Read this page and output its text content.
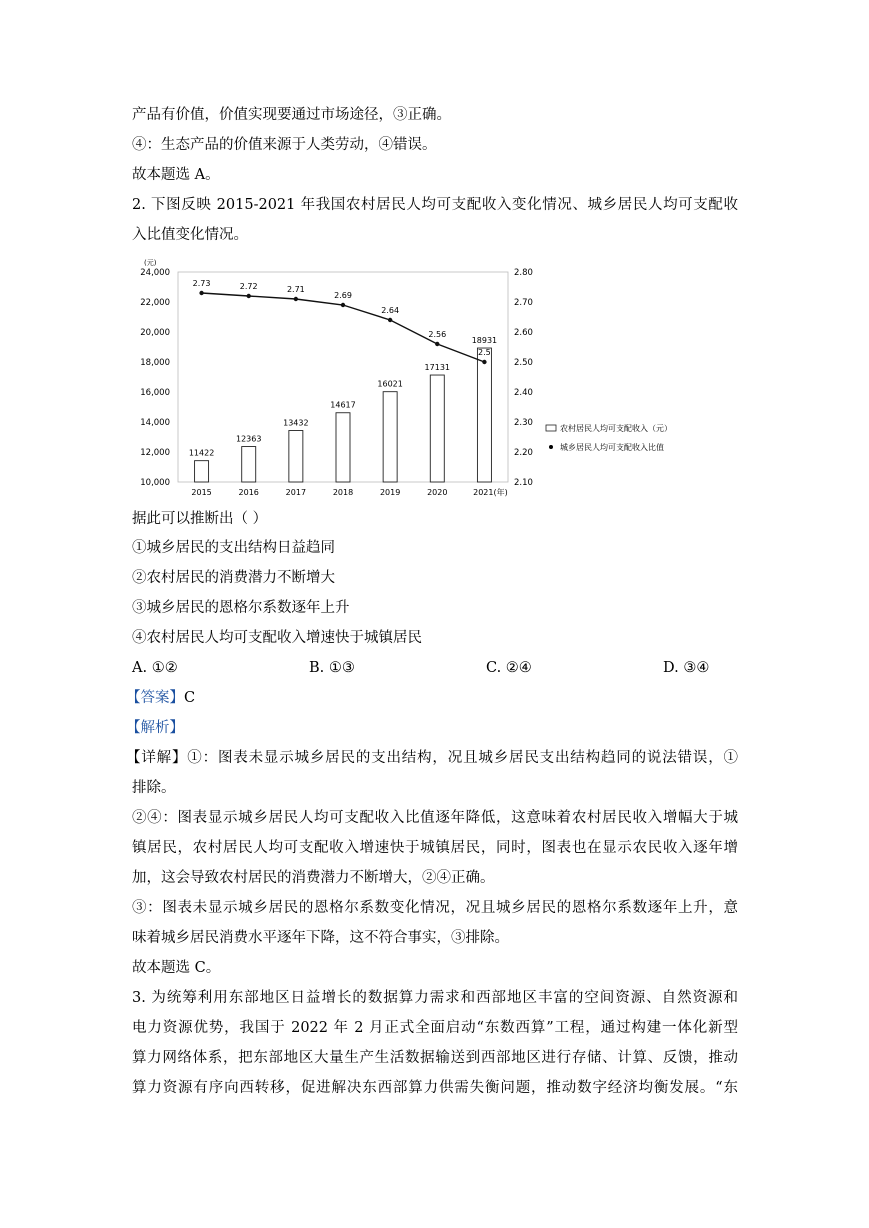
产品有价值，价值实现要通过市场途径，③正确。
④：生态产品的价值来源于人类劳动，④错误。
故本题选 A。
2. 下图反映 2015-2021 年我国农村居民人均可支配收入变化情况、城乡居民人均可支配收
入比值变化情况。
10,000
12,000
14,000
16,000
18,000
20,000
22,000
24,000
(元)
2.10
2.20
2.30
2.40
2.50
2.60
2.70
2.80
2015	2016	2017	2018	2019	2020	2021(年)
11422
12363
13432
14617
16021
17131
18931
2.73	2.72	2.71
2.69
2.64
2.56
2.5
农村居民人均可支配收入（元）
城乡居民人均可支配收入比值
据此可以推断出（ ）
①城乡居民的支出结构日益趋同
②农村居民的消费潜力不断增大
③城乡居民的恩格尔系数逐年上升
④农村居民人均可支配收入增速快于城镇居民
A. ①②	B. ①③	C. ②④	D. ③④
【答案】C
【解析】
【详解】①：图表未显示城乡居民的支出结构，况且城乡居民支出结构趋同的说法错误，①
排除。
②④：图表显示城乡居民人均可支配收入比值逐年降低，这意味着农村居民收入增幅大于城
镇居民，农村居民人均可支配收入增速快于城镇居民，同时，图表也在显示农民收入逐年增
加，这会导致农村居民的消费潜力不断增大，②④正确。
③：图表未显示城乡居民的恩格尔系数变化情况，况且城乡居民的恩格尔系数逐年上升，意
味着城乡居民消费水平逐年下降，这不符合事实，③排除。
故本题选 C。
3. 为统筹利用东部地区日益增长的数据算力需求和西部地区丰富的空间资源、自然资源和
电力资源优势，我国于 2022 年 2 月正式全面启动“东数西算”工程，通过构建一体化新型
算力网络体系，把东部地区大量生产生活数据输送到西部地区进行存储、计算、反馈，推动
算力资源有序向西转移，促进解决东西部算力供需失衡问题，推动数字经济均衡发展。“东
